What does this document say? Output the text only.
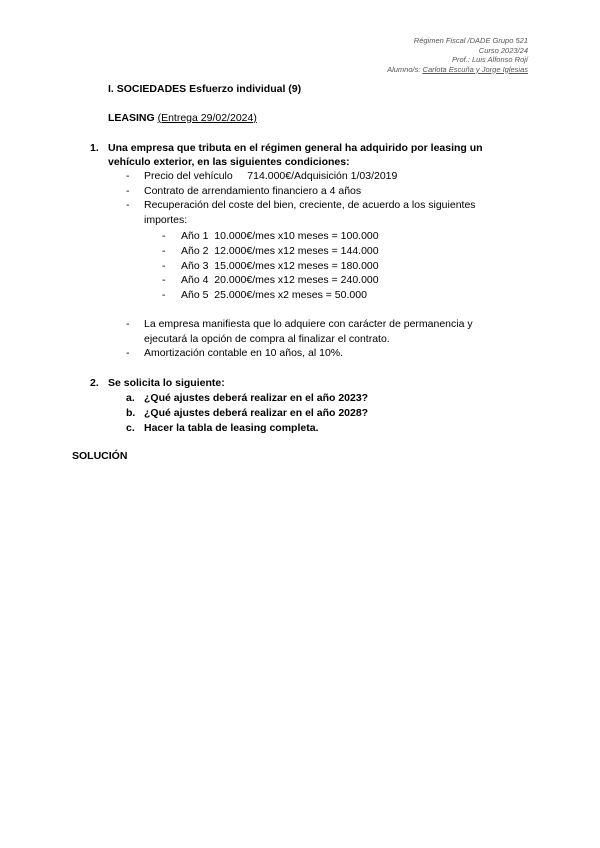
Régimen Fiscal /DADE Grupo 521
Curso 2023/24
Prof.: Luis Alfonso Rojí
Alumno/s: Carlota Escuña y Jorge Iglesias
I. SOCIEDADES Esfuerzo individual (9)
LEASING (Entrega 29/02/2024)
1. Una empresa que tributa en el régimen general ha adquirido por leasing un vehículo exterior, en las siguientes condiciones:
- Precio del vehículo     714.000€/Adquisición 1/03/2019
- Contrato de arrendamiento financiero a 4 años
- Recuperación del coste del bien, creciente, de acuerdo a los siguientes importes:
- Año 1  10.000€/mes x10 meses = 100.000
- Año 2  12.000€/mes x12 meses = 144.000
- Año 3  15.000€/mes x12 meses = 180.000
- Año 4  20.000€/mes x12 meses = 240.000
- Año 5  25.000€/mes x2 meses = 50.000
- La empresa manifiesta que lo adquiere con carácter de permanencia y ejecutará la opción de compra al finalizar el contrato.
- Amortización contable en 10 años, al 10%.
2. Se solicita lo siguiente:
a. ¿Qué ajustes deberá realizar en el año 2023?
b. ¿Qué ajustes deberá realizar en el año 2028?
c. Hacer la tabla de leasing completa.
SOLUCIÓN
